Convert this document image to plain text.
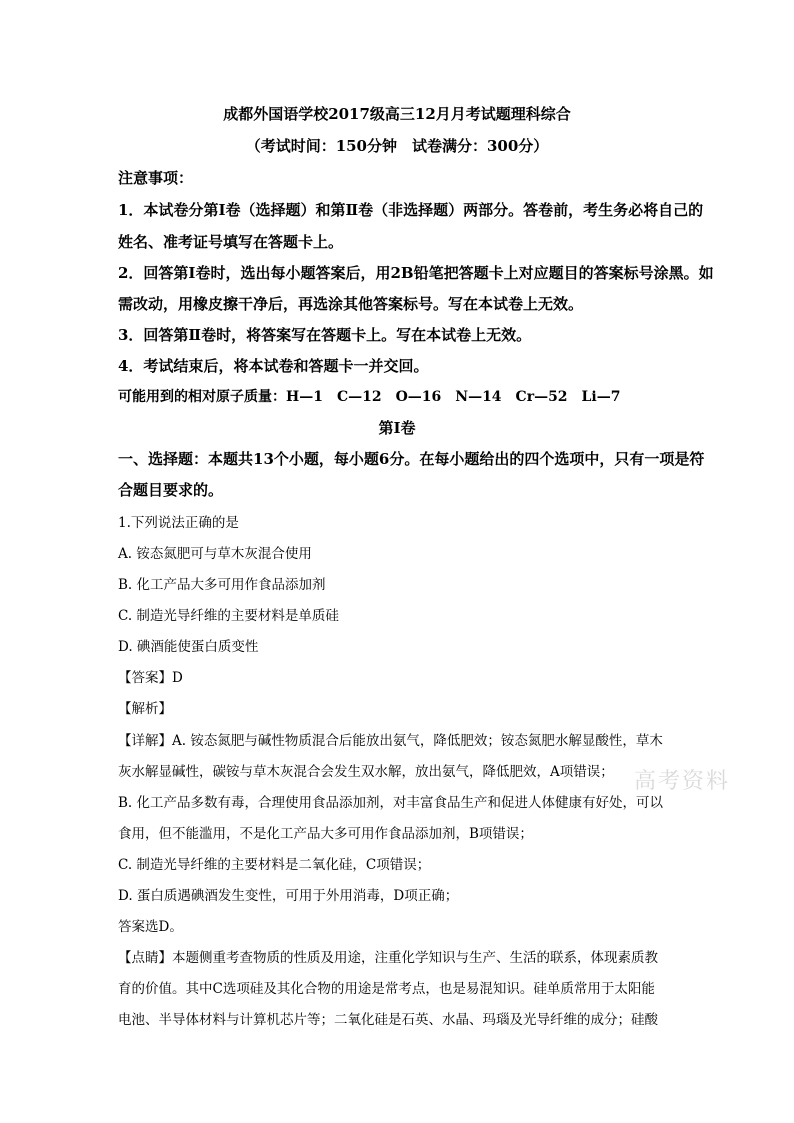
成都外国语学校2017级高三12月月考试题理科综合
（考试时间：150分钟　试卷满分：300分）
注意事项：
1．本试卷分第Ⅰ卷（选择题）和第Ⅱ卷（非选择题）两部分。答卷前，考生务必将自己的
姓名、准考证号填写在答题卡上。
2．回答第Ⅰ卷时，选出每小题答案后，用2B铅笔把答题卡上对应题目的答案标号涂黑。如
需改动，用橡皮擦干净后，再选涂其他答案标号。写在本试卷上无效。
3．回答第Ⅱ卷时，将答案写在答题卡上。写在本试卷上无效。
4．考试结束后，将本试卷和答题卡一并交回。
可能用到的相对原子质量：H—1　C—12　O—16　N—14　Cr—52　Li—7
第Ⅰ卷
一、选择题：本题共13个小题，每小题6分。在每小题给出的四个选项中，只有一项是符
合题目要求的。
1.下列说法正确的是
A. 铵态氮肥可与草木灰混合使用
B. 化工产品大多可用作食品添加剂
C. 制造光导纤维的主要材料是单质硅
D. 碘酒能使蛋白质变性
【答案】D
【解析】
【详解】A. 铵态氮肥与碱性物质混合后能放出氨气，降低肥效；铵态氮肥水解显酸性，草木
灰水解显碱性，碳铵与草木灰混合会发生双水解，放出氨气，降低肥效，A项错误；
B. 化工产品多数有毒，合理使用食品添加剂，对丰富食品生产和促进人体健康有好处，可以
食用，但不能滥用，不是化工产品大多可用作食品添加剂，B项错误；
C. 制造光导纤维的主要材料是二氧化硅，C项错误；
D. 蛋白质遇碘酒发生变性，可用于外用消毒，D项正确；
答案选D。
【点睛】本题侧重考查物质的性质及用途，注重化学知识与生产、生活的联系，体现素质教
育的价值。其中C选项硅及其化合物的用途是常考点，也是易混知识。硅单质常用于太阳能
电池、半导体材料与计算机芯片等；二氧化硅是石英、水晶、玛瑙及光导纤维的成分；硅酸
高考资料
